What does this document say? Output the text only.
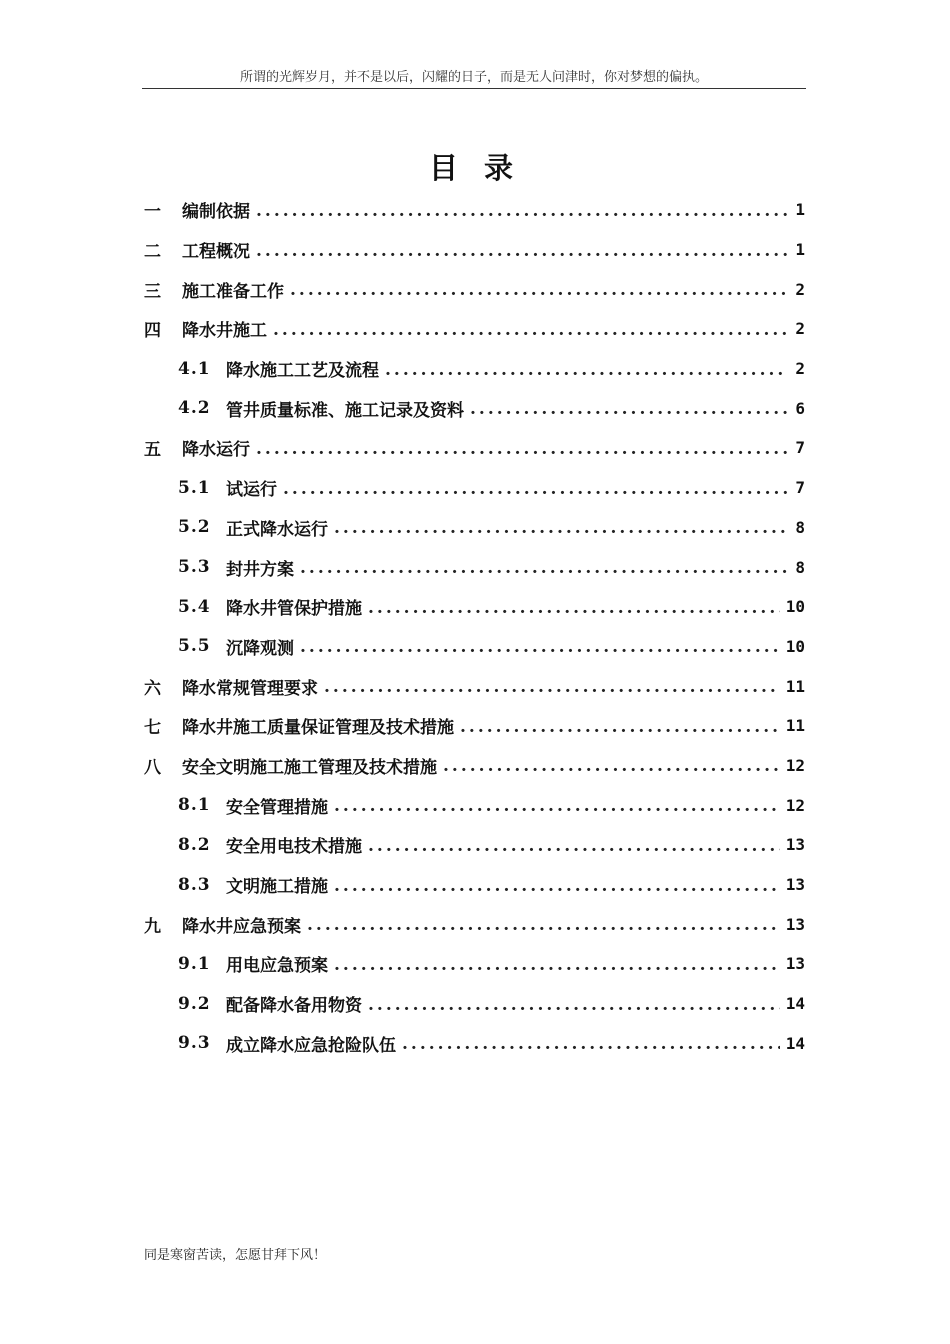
所谓的光辉岁月，并不是以后，闪耀的日子，而是无人问津时，你对梦想的偏执。
目 录
一	编制依据 .....	1
二	工程概况 .....	1
三	施工准备工作 .....	2
四	降水井施工 .....	2
4.1 降水施工工艺及流程 .....	2
4.2 管井质量标准、施工记录及资料 .....	6
五	降水运行 .....	7
5.1 试运行 .....	7
5.2 正式降水运行 .....	8
5.3 封井方案 .....	8
5.4 降水井管保护措施 .....	10
5.5 沉降观测 .....	10
六	降水常规管理要求 .....	11
七	降水井施工质量保证管理及技术措施 .....	11
八	安全文明施工施工管理及技术措施 .....	12
8.1 安全管理措施 .....	12
8.2 安全用电技术措施 .....	13
8.3 文明施工措施 .....	13
九	降水井应急预案 .....	13
9.1 用电应急预案 .....	13
9.2 配备降水备用物资 .....	14
9.3 成立降水应急抢险队伍 .....	14
同是寒窗苦读，怎愿甘拜下风！
